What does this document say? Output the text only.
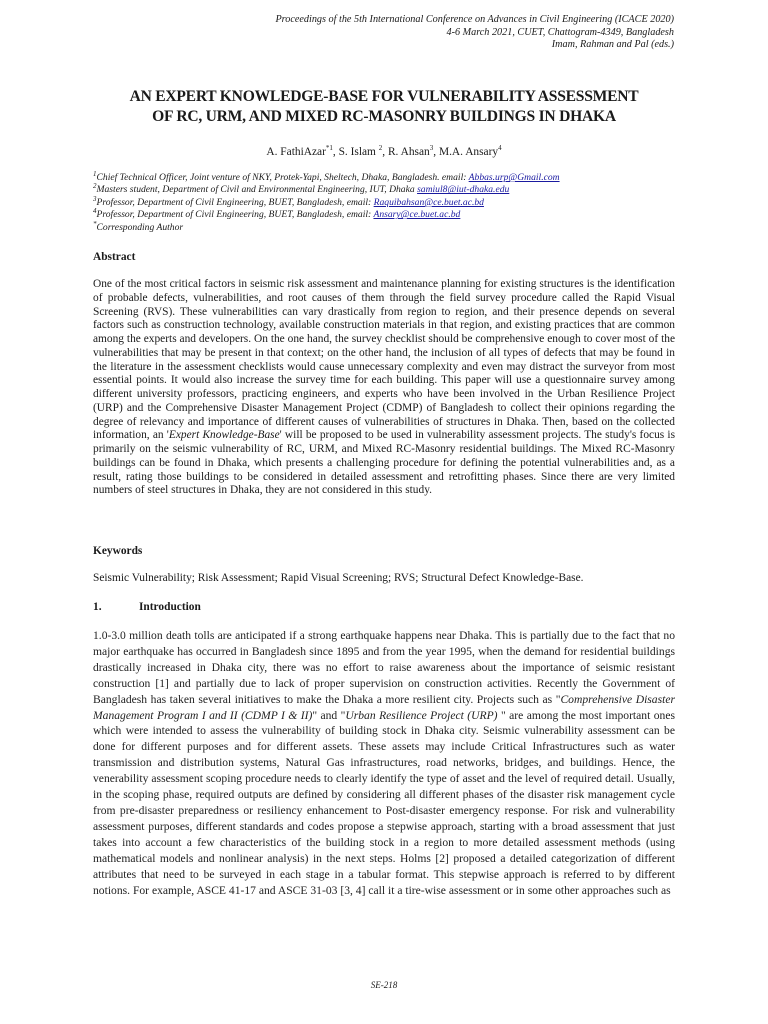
Proceedings of the 5th International Conference on Advances in Civil Engineering (ICACE 2020)
4-6 March 2021, CUET, Chattogram-4349, Bangladesh
Imam, Rahman and Pal (eds.)
AN EXPERT KNOWLEDGE-BASE FOR VULNERABILITY ASSESSMENT
OF RC, URM, AND MIXED RC-MASONRY BUILDINGS IN DHAKA
A. FathiAzar$^{*1}$, S. Islam $^2$, R. Ahsan$^3$, M.A. Ansary$^4$
$^1$Chief Technical Officer, Joint venture of NKY, Protek-Yapi, Sheltech, Dhaka, Bangladesh. email: Abbas.urp@Gmail.com
$^2$Masters student, Department of Civil and Environmental Engineering, IUT, Dhaka samiul8@iut-dhaka.edu
$^3$Professor, Department of Civil Engineering, BUET, Bangladesh, email: Raquibahsan@ce.buet.ac.bd
$^4$Professor, Department of Civil Engineering, BUET, Bangladesh, email: Ansary@ce.buet.ac.bd
*Corresponding Author
Abstract
One of the most critical factors in seismic risk assessment and maintenance planning for existing structures is the identification of probable defects, vulnerabilities, and root causes of them through the field survey procedure called the Rapid Visual Screening (RVS). These vulnerabilities can vary drastically from region to region, and their presence depends on several factors such as construction technology, available construction materials in that region, and existing practices that are common among the experts and developers. On the one hand, the survey checklist should be comprehensive enough to cover most of the vulnerabilities that may be present in that context; on the other hand, the inclusion of all types of defects that may be found in the literature in the assessment checklists would cause unnecessary complexity and even may distract the surveyor from most essential points. It would also increase the survey time for each building. This paper will use a questionnaire survey among different university professors, practicing engineers, and experts who have been involved in the Urban Resilience Project (URP) and the Comprehensive Disaster Management Project (CDMP) of Bangladesh to collect their opinions regarding the degree of relevancy and importance of different causes of vulnerabilities of structures in Dhaka. Then, based on the collected information, an 'Expert Knowledge-Base' will be proposed to be used in vulnerability assessment projects. The study's focus is primarily on the seismic vulnerability of RC, URM, and Mixed RC-Masonry residential buildings. The Mixed RC-Masonry buildings can be found in Dhaka, which presents a challenging procedure for defining the potential vulnerabilities and, as a result, rating those buildings to be considered in detailed assessment and retrofitting phases. Since there are very limited numbers of steel structures in Dhaka, they are not considered in this study.
Keywords
Seismic Vulnerability; Risk Assessment; Rapid Visual Screening; RVS; Structural Defect Knowledge-Base.
1.	Introduction
1.0-3.0 million death tolls are anticipated if a strong earthquake happens near Dhaka. This is partially due to the fact that no major earthquake has occurred in Bangladesh since 1895 and from the year 1995, when the demand for residential buildings drastically increased in Dhaka city, there was no effort to raise awareness about the importance of seismic resistant construction [1] and partially due to lack of proper supervision on construction activities. Recently the Government of Bangladesh has taken several initiatives to make the Dhaka a more resilient city. Projects such as "Comprehensive Disaster Management Program I and II (CDMP I & II)" and "Urban Resilience Project (URP) " are among the most important ones which were intended to assess the vulnerability of building stock in Dhaka city. Seismic vulnerability assessment can be done for different purposes and for different assets. These assets may include Critical Infrastructures such as water transmission and distribution systems, Natural Gas infrastructures, road networks, bridges, and buildings. Hence, the venerability assessment scoping procedure needs to clearly identify the type of asset and the level of required detail. Usually, in the scoping phase, required outputs are defined by considering all different phases of the disaster risk management cycle from pre-disaster preparedness or resiliency enhancement to Post-disaster emergency response. For risk and vulnerability assessment purposes, different standards and codes propose a stepwise approach, starting with a broad assessment that just takes into account a few characteristics of the building stock in a region to more detailed assessment methods (using mathematical models and nonlinear analysis) in the next steps. Holms [2] proposed a detailed categorization of different attributes that need to be surveyed in each stage in a tabular format. This stepwise approach is referred to by different notions. For example, ASCE 41-17 and ASCE 31-03 [3, 4] call it a tire-wise assessment or in some other approaches such as
SE-218
